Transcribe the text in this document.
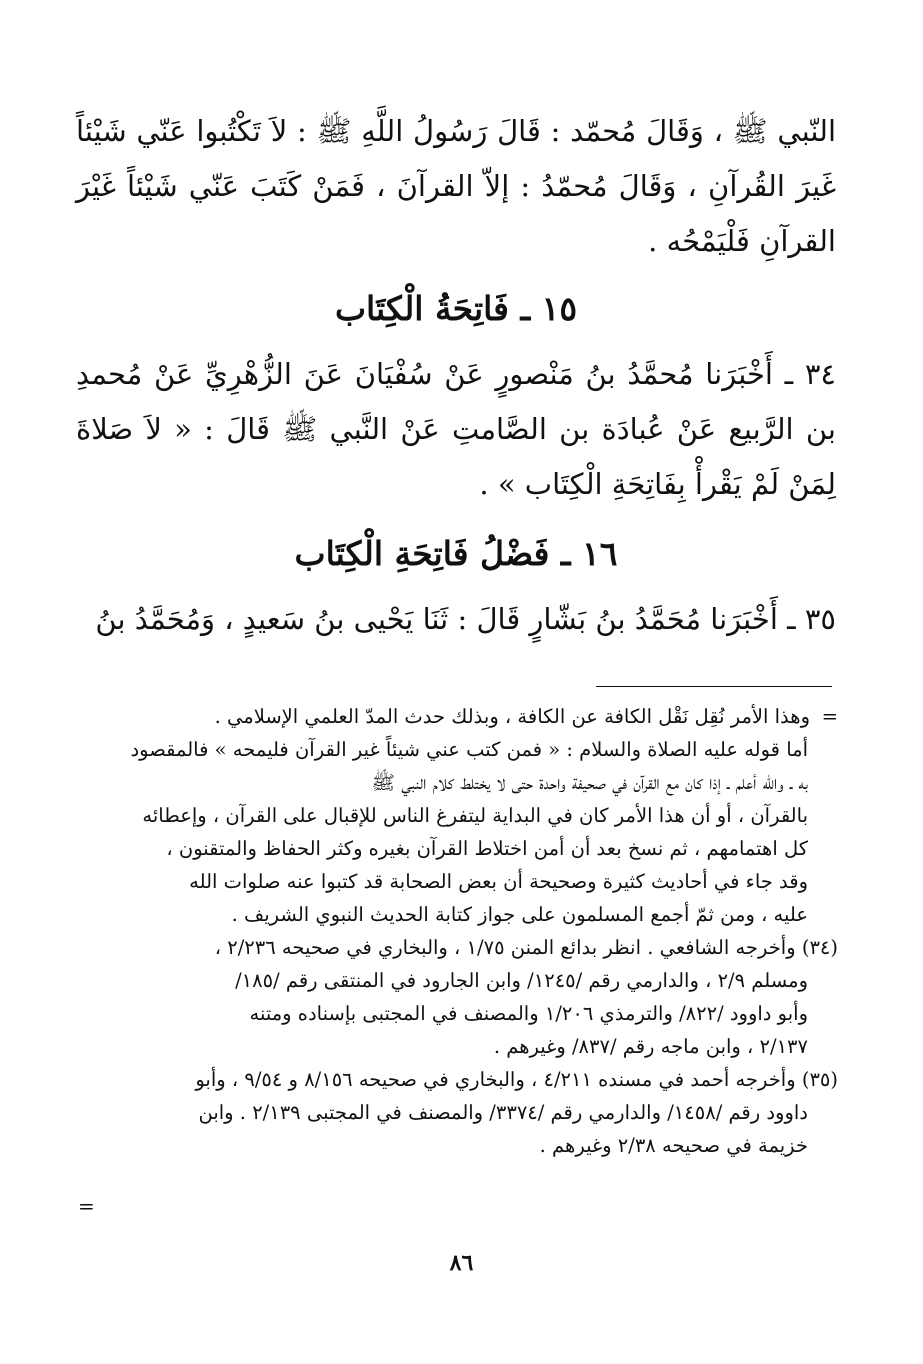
النّبي ﷺ ، وَقَالَ مُحمّد : قَالَ رَسُولُ اللَّهِ ﷺ : لاَ تَكْتُبوا عَنّي شَيْئاً غَيرَ القُرآنِ ، وَقَالَ مُحمّدُ : إلاّ القرآنَ ، فَمَنْ كَتَبَ عَنّي شَيْئاً غَيْرَ القرآنِ فَلْيَمْحُه .

١٥ ـ فَاتِحَةُ الْكِتَاب

٣٤ ـ أَخْبَرَنا مُحمَّدُ بنُ مَنْصورٍ عَنْ سُفْيَانَ عَنَ الزُّهْرِيِّ عَنْ مُحمدِ بن الرَّبيع عَنْ عُبادَة بن الصَّامتِ عَنْ النَّبي ﷺ قَالَ : « لاَ صَلاةَ لِمَنْ لَمْ يَقْرأْ بِفَاتِحَةِ الْكِتَاب » .

١٦ ـ فَضْلُ فَاتِحَةِ الْكِتَاب

٣٥ ـ أَخْبَرَنا مُحَمَّدُ بنُ بَشّارٍ قَالَ : ثَنَا يَحْيى بنُ سَعيدٍ ، وَمُحَمَّدُ بنُ

=وهذا الأمر نُقِل نَقْل الكافة عن الكافة ، وبذلك حدث المدّ العلمي الإسلامي .

أما قوله عليه الصلاة والسلام : « فمن كتب عني شيئاً غير القرآن فليمحه » فالمقصود

به ـ والله أعلم ـ إذا كان مع القرآن في صحيفة واحدة حتى لا يختلط كلام النبي ﷺ

بالقرآن ، أو أن هذا الأمر كان في البداية ليتفرغ الناس للإقبال على القرآن ، وإعطائه

كل اهتمامهم ، ثم نسخ بعد أن أمن اختلاط القرآن بغيره وكثر الحفاظ والمتقنون ،

وقد جاء في أحاديث كثيرة وصحيحة أن بعض الصحابة قد كتبوا عنه صلوات الله

عليه ، ومن ثمّ أجمع المسلمون على جواز كتابة الحديث النبوي الشريف .

(٣٤) وأخرجه الشافعي . انظر بدائع المنن ١/٧٥ ، والبخاري في صحيحه ٢/٢٣٦ ،

ومسلم ٢/٩ ، والدارمي رقم /١٢٤٥/ وابن الجارود في المنتقى رقم /١٨٥/

وأبو داوود /٨٢٢/ والترمذي ١/٢٠٦ والمصنف في المجتبى بإسناده ومتنه

٢/١٣٧ ، وابن ماجه رقم /٨٣٧/ وغيرهم .

(٣٥) وأخرجه أحمد في مسنده ٤/٢١١ ، والبخاري في صحيحه ٨/١٥٦ و ٩/٥٤ ، وأبو

داوود رقم /١٤٥٨/ والدارمي رقم /٣٣٧٤/ والمصنف في المجتبى ٢/١٣٩ . وابن

خزيمة في صحيحه ٢/٣٨ وغيرهم .

=
٨٦
